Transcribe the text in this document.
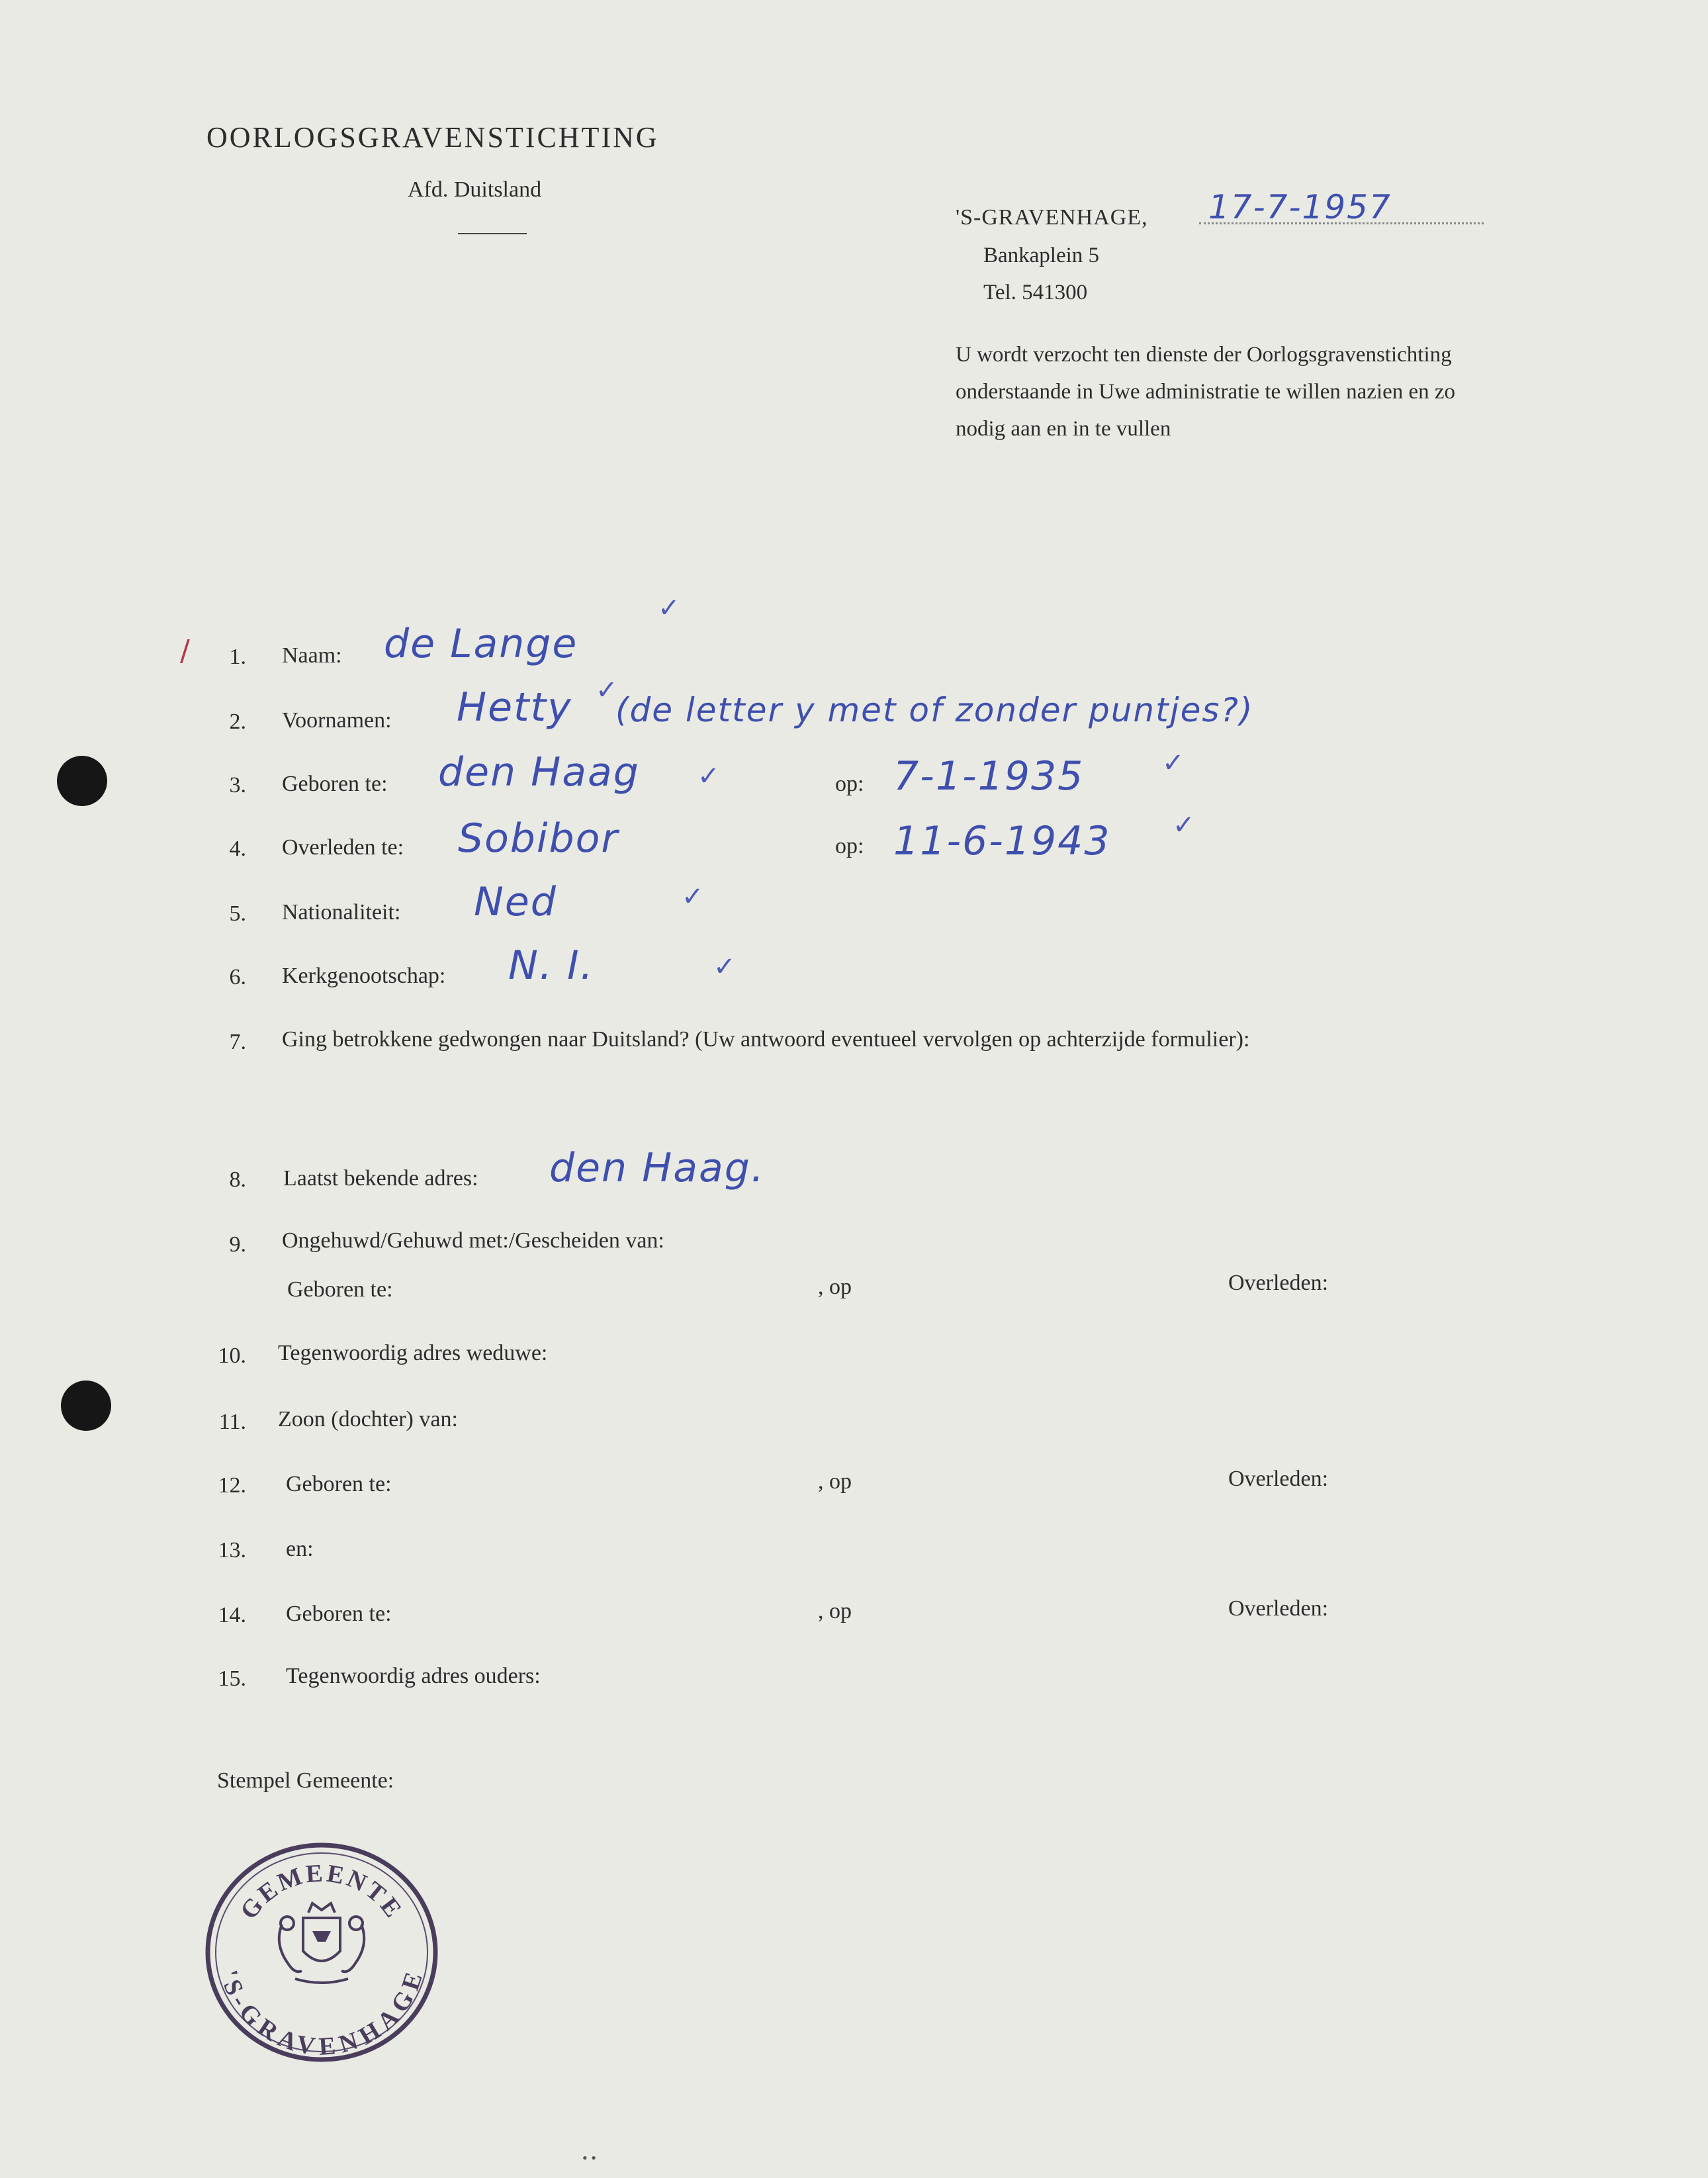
OORLOGSGRAVENSTICHTING
Afd. Duitsland
'S-GRAVENHAGE, 17-7-1957
Bankaplein 5
Tel. 541300
U wordt verzocht ten dienste der Oorlogsgravenstichting onderstaande in Uwe administratie te willen nazien en zo nodig aan en in te vullen
/	1. Naam: de Lange
✓
2. Voornamen: Hetty ✓
(de letter y met of zonder puntjes?)
3. Geboren te: den Haag ✓	op: 7-1-1935	✓
4. Overleden te: Sobibor	op: 11-6-1943 ✓
5. Nationaliteit: Ned	✓
6. Kerkgenootschap: N. I.	✓
7. Ging betrokkene gedwongen naar Duitsland? (Uw antwoord eventueel vervolgen op achterzijde formulier):
8. Laatst bekende adres: den Haag.
9. Ongehuwd/Gehuwd met:/Gescheiden van:
Geboren te:	, op	Overleden:
10. Tegenwoordig adres weduwe:
11. Zoon (dochter) van:
12. Geboren te:	, op	Overleden:
13. en:
14. Geboren te:	, op	Overleden:
15. Tegenwoordig adres ouders:
Stempel Gemeente:
GEMEENTE
'S-GRAVENHAGE
• •
